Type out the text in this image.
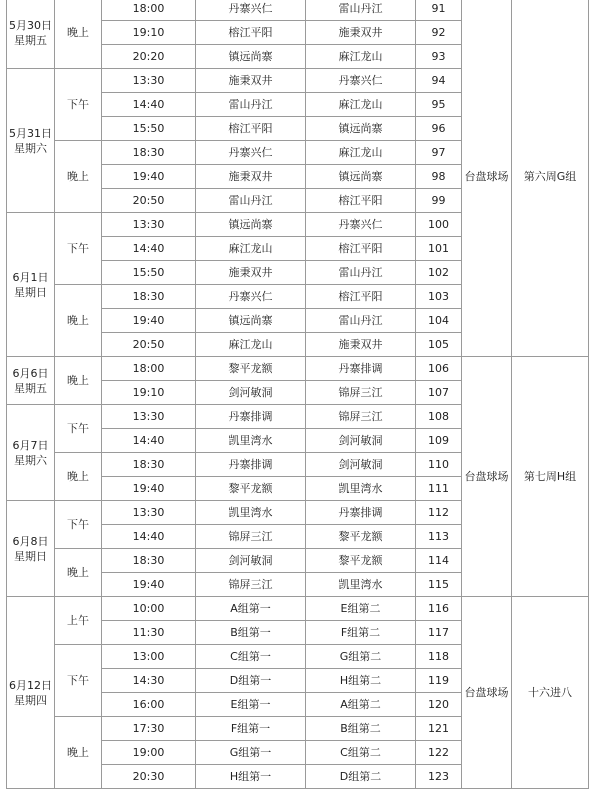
5月30日
星期五	晚上	18:00	丹寨兴仁	雷山丹江	91	台盘球场	第六周G组
		19:10	榕江平阳	施秉双井	92		
		20:20	镇远尚寨	麻江龙山	93		

5月31日
星期六	下午	13:30	施秉双井	丹寨兴仁	94		
		14:40	雷山丹江	麻江龙山	95		
		15:50	榕江平阳	镇远尚寨	96		
	晚上	18:30	丹寨兴仁	麻江龙山	97		
		19:40	施秉双井	镇远尚寨	98		
		20:50	雷山丹江	榕江平阳	99		

6月1日
星期日	下午	13:30	镇远尚寨	丹寨兴仁	100		
		14:40	麻江龙山	榕江平阳	101		
		15:50	施秉双井	雷山丹江	102		
	晚上	18:30	丹寨兴仁	榕江平阳	103		
		19:40	镇远尚寨	雷山丹江	104		
		20:50	麻江龙山	施秉双井	105		

6月6日
星期五	晚上	18:00	黎平龙额	丹寨排调	106	台盘球场	第七周H组
		19:10	剑河敏洞	锦屏三江	107		

6月7日
星期六	下午	13:30	丹寨排调	锦屏三江	108		
		14:40	凯里湾水	剑河敏洞	109		
	晚上	18:30	丹寨排调	剑河敏洞	110		
		19:40	黎平龙额	凯里湾水	111		

6月8日
星期日	下午	13:30	凯里湾水	丹寨排调	112		
		14:40	锦屏三江	黎平龙额	113		
	晚上	18:30	剑河敏洞	黎平龙额	114		
		19:40	锦屏三江	凯里湾水	115		

6月12日
星期四	上午	10:00	A组第一	E组第二	116	台盘球场	十六进八
		11:30	B组第一	F组第二	117		
	下午	13:00	C组第一	G组第二	118		
		14:30	D组第一	H组第二	119		
		16:00	E组第一	A组第二	120		
	晚上	17:30	F组第一	B组第二	121		
		19:00	G组第一	C组第二	122		
		20:30	H组第一	D组第二	123		
